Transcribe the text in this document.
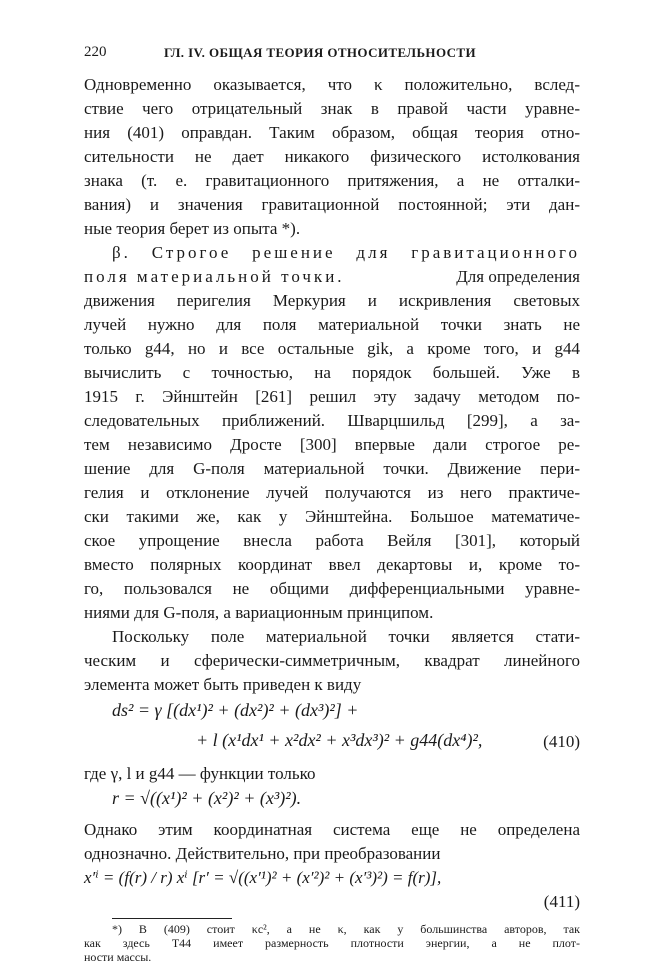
220	ГЛ. IV. ОБЩАЯ ТЕОРИЯ ОТНОСИТЕЛЬНОСТИ
Одновременно оказывается, что κ положительно, вслед-
ствие чего отрицательный знак в правой части уравне-
ния (401) оправдан. Таким образом, общая теория отно-
сительности не дает никакого физического истолкования
знака (т. е. гравитационного притяжения, а не отталки-
вания) и значения гравитационной постоянной; эти дан-
ные теория берет из опыта *).
β. Строгое решение для гравитационного
поля материальной точки.	Для определения
движения перигелия Меркурия и искривления световых
лучей нужно для поля материальной точки знать не
только g44, но и все остальные gik, а кроме того, и g44
вычислить с точностью, на порядок большей. Уже в
1915 г. Эйнштейн [261] решил эту задачу методом по-
следовательных приближений. Шварцшильд [299], а за-
тем независимо Дросте [300] впервые дали строгое ре-
шение для G-поля материальной точки. Движение пери-
гелия и отклонение лучей получаются из него практиче-
ски такими же, как у Эйнштейна. Большое математиче-
ское упрощение внесла работа Вейля [301], который
вместо полярных координат ввел декартовы и, кроме то-
го, пользовался не общими дифференциальными уравне-
ниями для G-поля, а вариационным принципом.
Поскольку поле материальной точки является стати-
ческим и сферически-симметричным, квадрат линейного
элемента может быть приведен к виду
ds² = γ [(dx¹)² + (dx²)² + (dx³)²] +
+ l (x¹dx¹ + x²dx² + x³dx³)² + g44(dx⁴)²,	(410)
где γ, l и g44 — функции только
r = √((x¹)² + (x²)² + (x³)²).
Однако этим координатная система еще не определена
однозначно. Действительно, при преобразовании
x′ⁱ = (f(r) / r) xⁱ [r′ = √((x′¹)² + (x′²)² + (x′³)²) = f(r)],
(411)
*) В (409) стоит κc², а не κ, как у большинства авторов, так
как здесь T44 имеет размерность плотности энергии, а не плот-
ности массы.
